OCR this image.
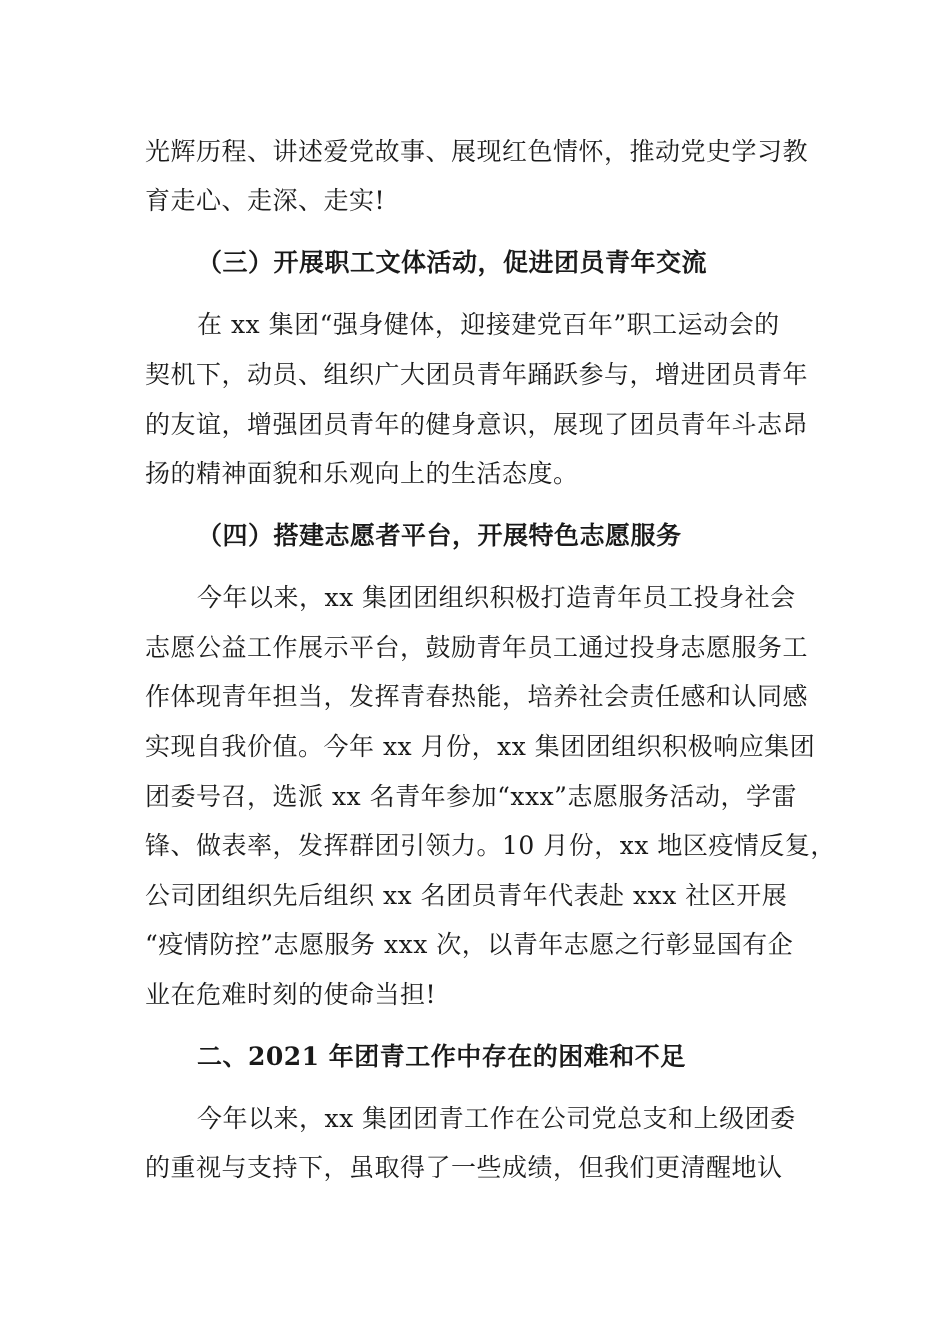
光辉历程、讲述爱党故事、展现红色情怀，推动党史学习教
育走心、走深、走实!
（三）开展职工文体活动，促进团员青年交流
在 xx 集团“强身健体，迎接建党百年”职工运动会的
契机下，动员、组织广大团员青年踊跃参与，增进团员青年
的友谊，增强团员青年的健身意识，展现了团员青年斗志昂
扬的精神面貌和乐观向上的生活态度。
（四）搭建志愿者平台，开展特色志愿服务
今年以来，xx 集团团组织积极打造青年员工投身社会
志愿公益工作展示平台，鼓励青年员工通过投身志愿服务工
作体现青年担当，发挥青春热能，培养社会责任感和认同感
实现自我价值。今年 xx 月份，xx 集团团组织积极响应集团
团委号召，选派 xx 名青年参加“xxx”志愿服务活动，学雷
锋、做表率，发挥群团引领力。10 月份，xx 地区疫情反复，
公司团组织先后组织 xx 名团员青年代表赴 xxx 社区开展
“疫情防控”志愿服务 xxx 次，以青年志愿之行彰显国有企
业在危难时刻的使命当担!
二、2021 年团青工作中存在的困难和不足
今年以来，xx 集团团青工作在公司党总支和上级团委
的重视与支持下，虽取得了一些成绩，但我们更清醒地认
